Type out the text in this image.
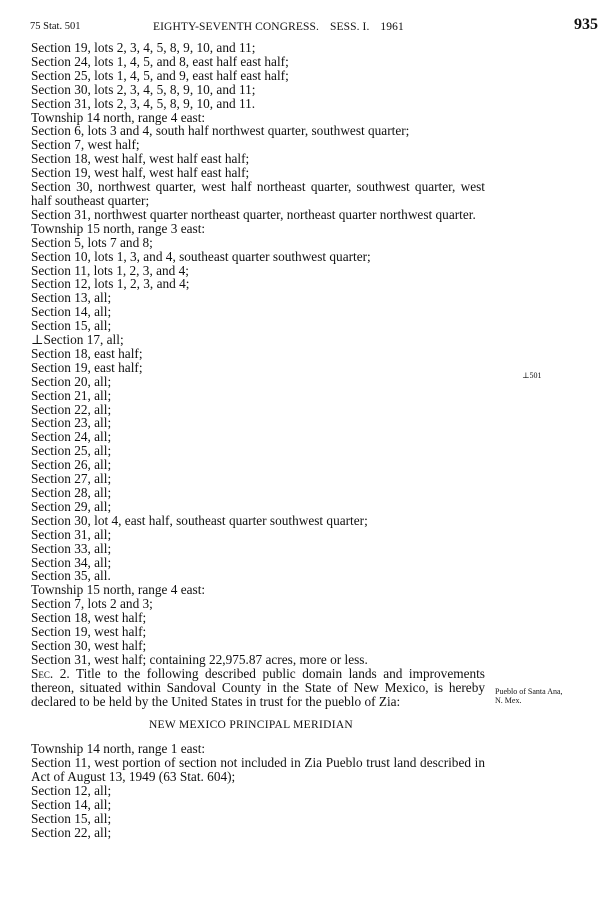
75 Stat. 501	EIGHTY-SEVENTH CONGRESS. SESS. I. 1961	935
Section 19, lots 2, 3, 4, 5, 8, 9, 10, and 11;
Section 24, lots 1, 4, 5, and 8, east half east half;
Section 25, lots 1, 4, 5, and 9, east half east half;
Section 30, lots 2, 3, 4, 5, 8, 9, 10, and 11;
Section 31, lots 2, 3, 4, 5, 8, 9, 10, and 11.
Township 14 north, range 4 east:
Section 6, lots 3 and 4, south half northwest quarter, southwest quarter;
Section 7, west half;
Section 18, west half, west half east half;
Section 19, west half, west half east half;
Section 30, northwest quarter, west half northeast quarter, southwest quarter, west half southeast quarter;
Section 31, northwest quarter northeast quarter, northeast quarter northwest quarter.
Township 15 north, range 3 east:
Section 5, lots 7 and 8;
Section 10, lots 1, 3, and 4, southeast quarter southwest quarter;
Section 11, lots 1, 2, 3, and 4;
Section 12, lots 1, 2, 3, and 4;
Section 13, all;
Section 14, all;
Section 15, all;
⊥Section 17, all;
Section 18, east half;
Section 19, east half;
Section 20, all;
Section 21, all;
Section 22, all;
Section 23, all;
Section 24, all;
Section 25, all;
Section 26, all;
Section 27, all;
Section 28, all;
Section 29, all;
Section 30, lot 4, east half, southeast quarter southwest quarter;
Section 31, all;
Section 33, all;
Section 34, all;
Section 35, all.
Township 15 north, range 4 east:
Section 7, lots 2 and 3;
Section 18, west half;
Section 19, west half;
Section 30, west half;
Section 31, west half; containing 22,975.87 acres, more or less.
Sec. 2. Title to the following described public domain lands and improvements thereon, situated within Sandoval County in the State of New Mexico, is hereby declared to be held by the United States in trust for the pueblo of Zia:
NEW MEXICO PRINCIPAL MERIDIAN
Township 14 north, range 1 east:
Section 11, west portion of section not included in Zia Pueblo trust land described in Act of August 13, 1949 (63 Stat. 604);
Section 12, all;
Section 14, all;
Section 15, all;
Section 22, all;
⊥501
Pueblo of Santa Ana,
N. Mex.
